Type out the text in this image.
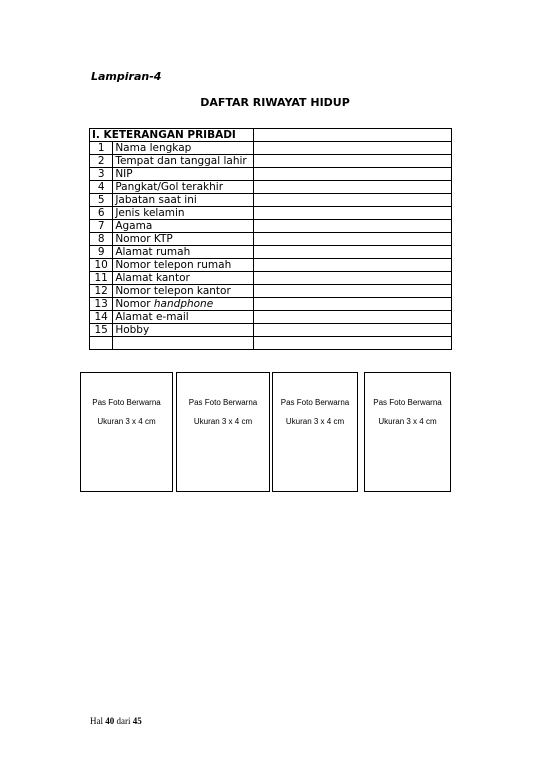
Lampiran-4
DAFTAR RIWAYAT HIDUP
I. KETERANGAN PRIBADI		
1	Nama lengkap	
2	Tempat dan tanggal lahir	
3	NIP	
4	Pangkat/Gol terakhir	
5	Jabatan saat ini	
6	Jenis kelamin	
7	Agama	
8	Nomor KTP	
9	Alamat rumah	
10	Nomor telepon rumah	
11	Alamat kantor	
12	Nomor telepon kantor	
13	Nomor handphone	
14	Alamat e-mail	
15	Hobby	

Pas Foto Berwarna
Ukuran 3 x 4 cm
Pas Foto Berwarna
Ukuran 3 x 4 cm
Pas Foto Berwarna
Ukuran 3 x 4 cm
Pas Foto Berwarna
Ukuran 3 x 4 cm
Hal 40 dari 45
